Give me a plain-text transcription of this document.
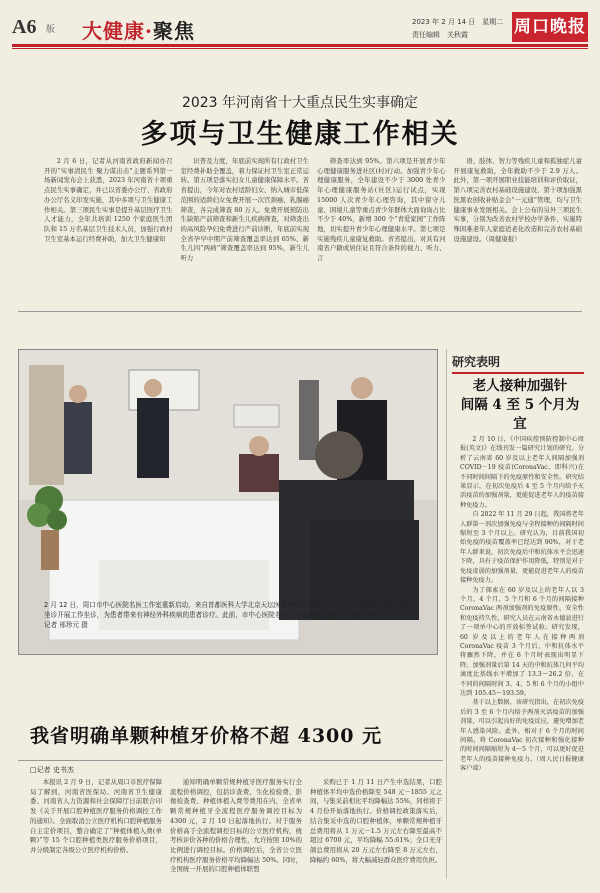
A6 版 大健康·聚焦	2023 年 2 月 14 日　星期二
责任编辑　关秋霞	周口晚报
2023 年河南省十大重点民生实事确定
多项与卫生健康工作相关

2 月 6 日，记者从河南省政府新闻办召开的“实事清民生 聚力谋出击”主题系列第一场新闻发布会上获悉，2023 年河南省十项重点民生实事确定，并已以省委办公厅、省政府办公厅名义印发实施，其中多项与卫生健康工作相关。第三项民生实事是提升基层医疗卫生人才能力，全年共培训 1250 个家庭医生团队和 15 万名基层卫生技术人员，加强行政村卫生室基本运行经费补助，加大卫生健康知

识普及力度，年底前实现所有行政村卫生室经费补助全覆盖，着力保证村卫生室正常运转。第五项是落实妇女儿童健康保障水平。省省提出，今年对农村适龄妇女、纳入城市低保范围的适龄妇女免费开展一次宫颈癌、乳腺癌筛查，各完成筛查 80 万人。免费开展预防出生缺陷产前筛查和新生儿疾病筛查，对筛查出的高风险孕妇免费进行产前诊断，年底前实现全省孕早中期产前筛查覆盖率达到 65%、新生儿四“两病”筛查覆盖率达到 95%，新生儿听力

筛查率达到 95%。第六项是开展青少年心理健康服务进社区(村)行动。加强青少年心理健康服务，全年建设不少于 3000 处青少年心理健康服务站(社区)运行试点，实现 15000 人次青少年心理咨询，其中留守儿童、困境儿童等重点青少年群体大面询询占比不少于 40%，新增 300 个“青爱家园”工作阵地，切实提升青少年心理健康水平。第七项是实施残疾儿童康复救助。省省提出，对具有河南省户籍或居住证且符合条件的视力、听力、言

语、肢体、智力等残疾儿童和孤独症儿童开展康复救助，全年救助不少于 2.9 万人。此外，第一项开展职业技能培训和评价取证，第八项完善农村基础设施建设，第十项加强黑医黑农创收补贴金会“一元通”管理，均与卫生健康事业发展相关。会上公布的另外三项民生实事，分别为改善农村学校办学条件、实施特殊困难老年人家庭适老化改造和完善农村基础设施建设。（周健康报）

2 月 12 日，周口市中心医院名医工作室重新启动，来自首都医科大学北京天坛医院和首都医科大学北京宣武医院的专家到该院坐诊开展工作坐诊，为患者带来有神经外科疾病的患者诊疗。此前，市中心医院名医工作室回收资源回暂停接诊两年。　　　　　　记者 邢珍元 摄
研究表明
老人接种加强针
间隔 4 至 5 个月为宜

2 月 10 日，《中国疾控预防控制中心周报(英文)》在线刊发一篇研究计划的研究。分析了云南省 60 岁及以上老年人间隔加强剂 COVID－19 疫苗(CoronaVac，即科兴)在不同时间间隔下的免疫原性和安全性。研究结果显示，在初次免疫后 4 至 5 个月内给予灭活疫苗的加强剂量，更能促进老年人的疫苗接种免疫力。

自 2022 年 11 月 29 日起，我国将老年人群第一剂次加强免疫与全程接种的间隔时间缩短至 3 个月以上。研究认为，目前我国初始免疫的疫苗覆盖率已经达到 90%，对于老年人群来说，初次免疫后中和抗体水平会迅速下降，具有于疫苗保护作用降低，特别是对于免疫虚弱的加强剂量，更能促进老年人的疫苗接种免疫力。

为了探索在 60 岁及以上的老年人以 3 个月、4 个月、5 个月和 6 个月的间隔接种 CoronaVac 两剂加强剂的免疫原性、安全性和免疫持久性，研究人员在云南省永德县进行了一项单中心的开放标签试验。研究发现，60 岁及以上的老年人在接种两剂 CoronaVac 疫苗 3 个月后，中和抗体水平将骤然下降，并在 6 个月时表现出明显下降。加强剂量后第 14 天的中和抗体几何平均滴度比基线水平增加了 13.3～26.2 倍，在不同的间隔时间 3、4、5 和 6 个月的小组中达到 105.45～193.59。

基于以上数据，该研究指出，在初次免疫后的 3 至 6 个月内给予两剂灭活疫苗的加强剂量，可以引起良好的免疫反应，避免增加老年人感染风险。此外，相对于 6 个月的时间间隔，将 CoronaVac 初次接种和强化接种的时间间隔缩短为 4～5 个月，可以更好促进老年人的疫苗接种免疫力。（周人民日报健康客户端）

我省明确单颗种植牙价格不超 4300 元
□记者 史书杰

本报讯 2 月 9 日，记者从周口市医疗保障局了解到，河南省医保局、河南省卫生健康委、河南省人力资源和社会保障厅日前联合印发《关于开展口腔种植医疗服务价格调控工作的通知》。全面取消公立医疗机构口腔种植服务自主定价项目，整合确定了“种植体植入费(单颗)”等 15 个口腔种植类医疗服务价格项目，并分级制定各级公立医疗机构价格。

通知明确单颗常规种植牙医疗服务实行全流程价格调控，包括诊查费、生化检验费、影像检查费、种植体植入费等费用在内，全省单颗常规种植牙全流程医疗服务调控目标为 4300 元，2 月 10 日起落地执行。对于服务价格高于全流程调控目标的公立医疗机构，统考核评价各种的价格合理性，允许按照 10%的比例进行调控目标。价格调控后，全省公立医疗机构医疗服务价格平均降幅达 50%。同时，全国统一开展的口腔种植体联盟

采购已于 1 月 11 日产生中选结果，口腔种植体平均中选价格降至 548 元－1855 元之间，与集采前相比平均降幅达 55%，同样将于 4 月份开始落地执行。价格调控政策落实后，结合集采中选的口腔种植体，单颗常规种植牙总费用将从 1 万元－1.5 万元左右降至最高不超过 6700 元，平均降幅 55.61%；全口无牙颌总费用将从 20 万元左右降至 8 万元左右，降幅约 60%，将大幅减轻群众医疗费用负担。
